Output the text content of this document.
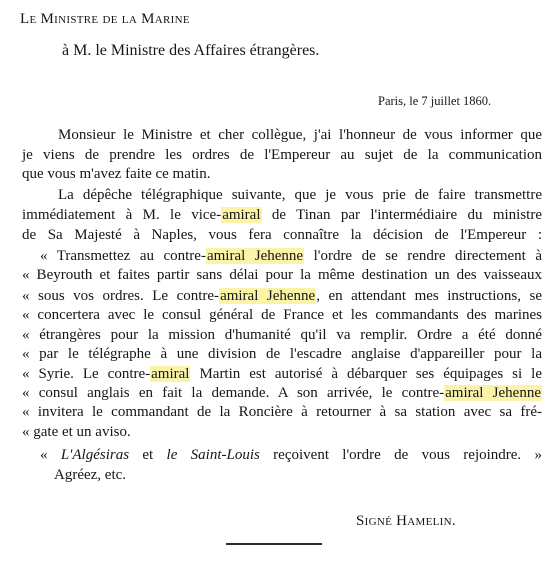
Le Ministre de la Marine
à M. le Ministre des Affaires étrangères.
Paris, le 7 juillet 1860.
Monsieur le Ministre et cher collègue, j'ai l'honneur de vous informer que
je viens de prendre les ordres de l'Empereur au sujet de la communication
que vous m'avez faite ce matin.
La dépêche télégraphique suivante, que je vous prie de faire transmettre
immédiatement à M. le vice-amiral de Tinan par l'intermédiaire du ministre
de Sa Majesté à Naples, vous fera connaître la décision de l'Empereur :
« Transmettez au contre-amiral Jehenne l'ordre de se rendre directement à
« Beyrouth et faites partir sans délai pour la même destination un des vaisseaux
« sous vos ordres. Le contre-amiral Jehenne, en attendant mes instructions, se
« concertera avec le consul général de France et les commandants des marines
« étrangères pour la mission d'humanité qu'il va remplir. Ordre a été donné
« par le télégraphe à une division de l'escadre anglaise d'appareiller pour la
« Syrie. Le contre-amiral Martin est autorisé à débarquer ses équipages si le
« consul anglais en fait la demande. A son arrivée, le contre-amiral Jehenne
« invitera le commandant de la Roncière à retourner à sa station avec sa fré-
« gate et un aviso.
« L'Algésiras et le Saint-Louis reçoivent l'ordre de vous rejoindre. »
Agréez, etc.
Signé Hamelin.
